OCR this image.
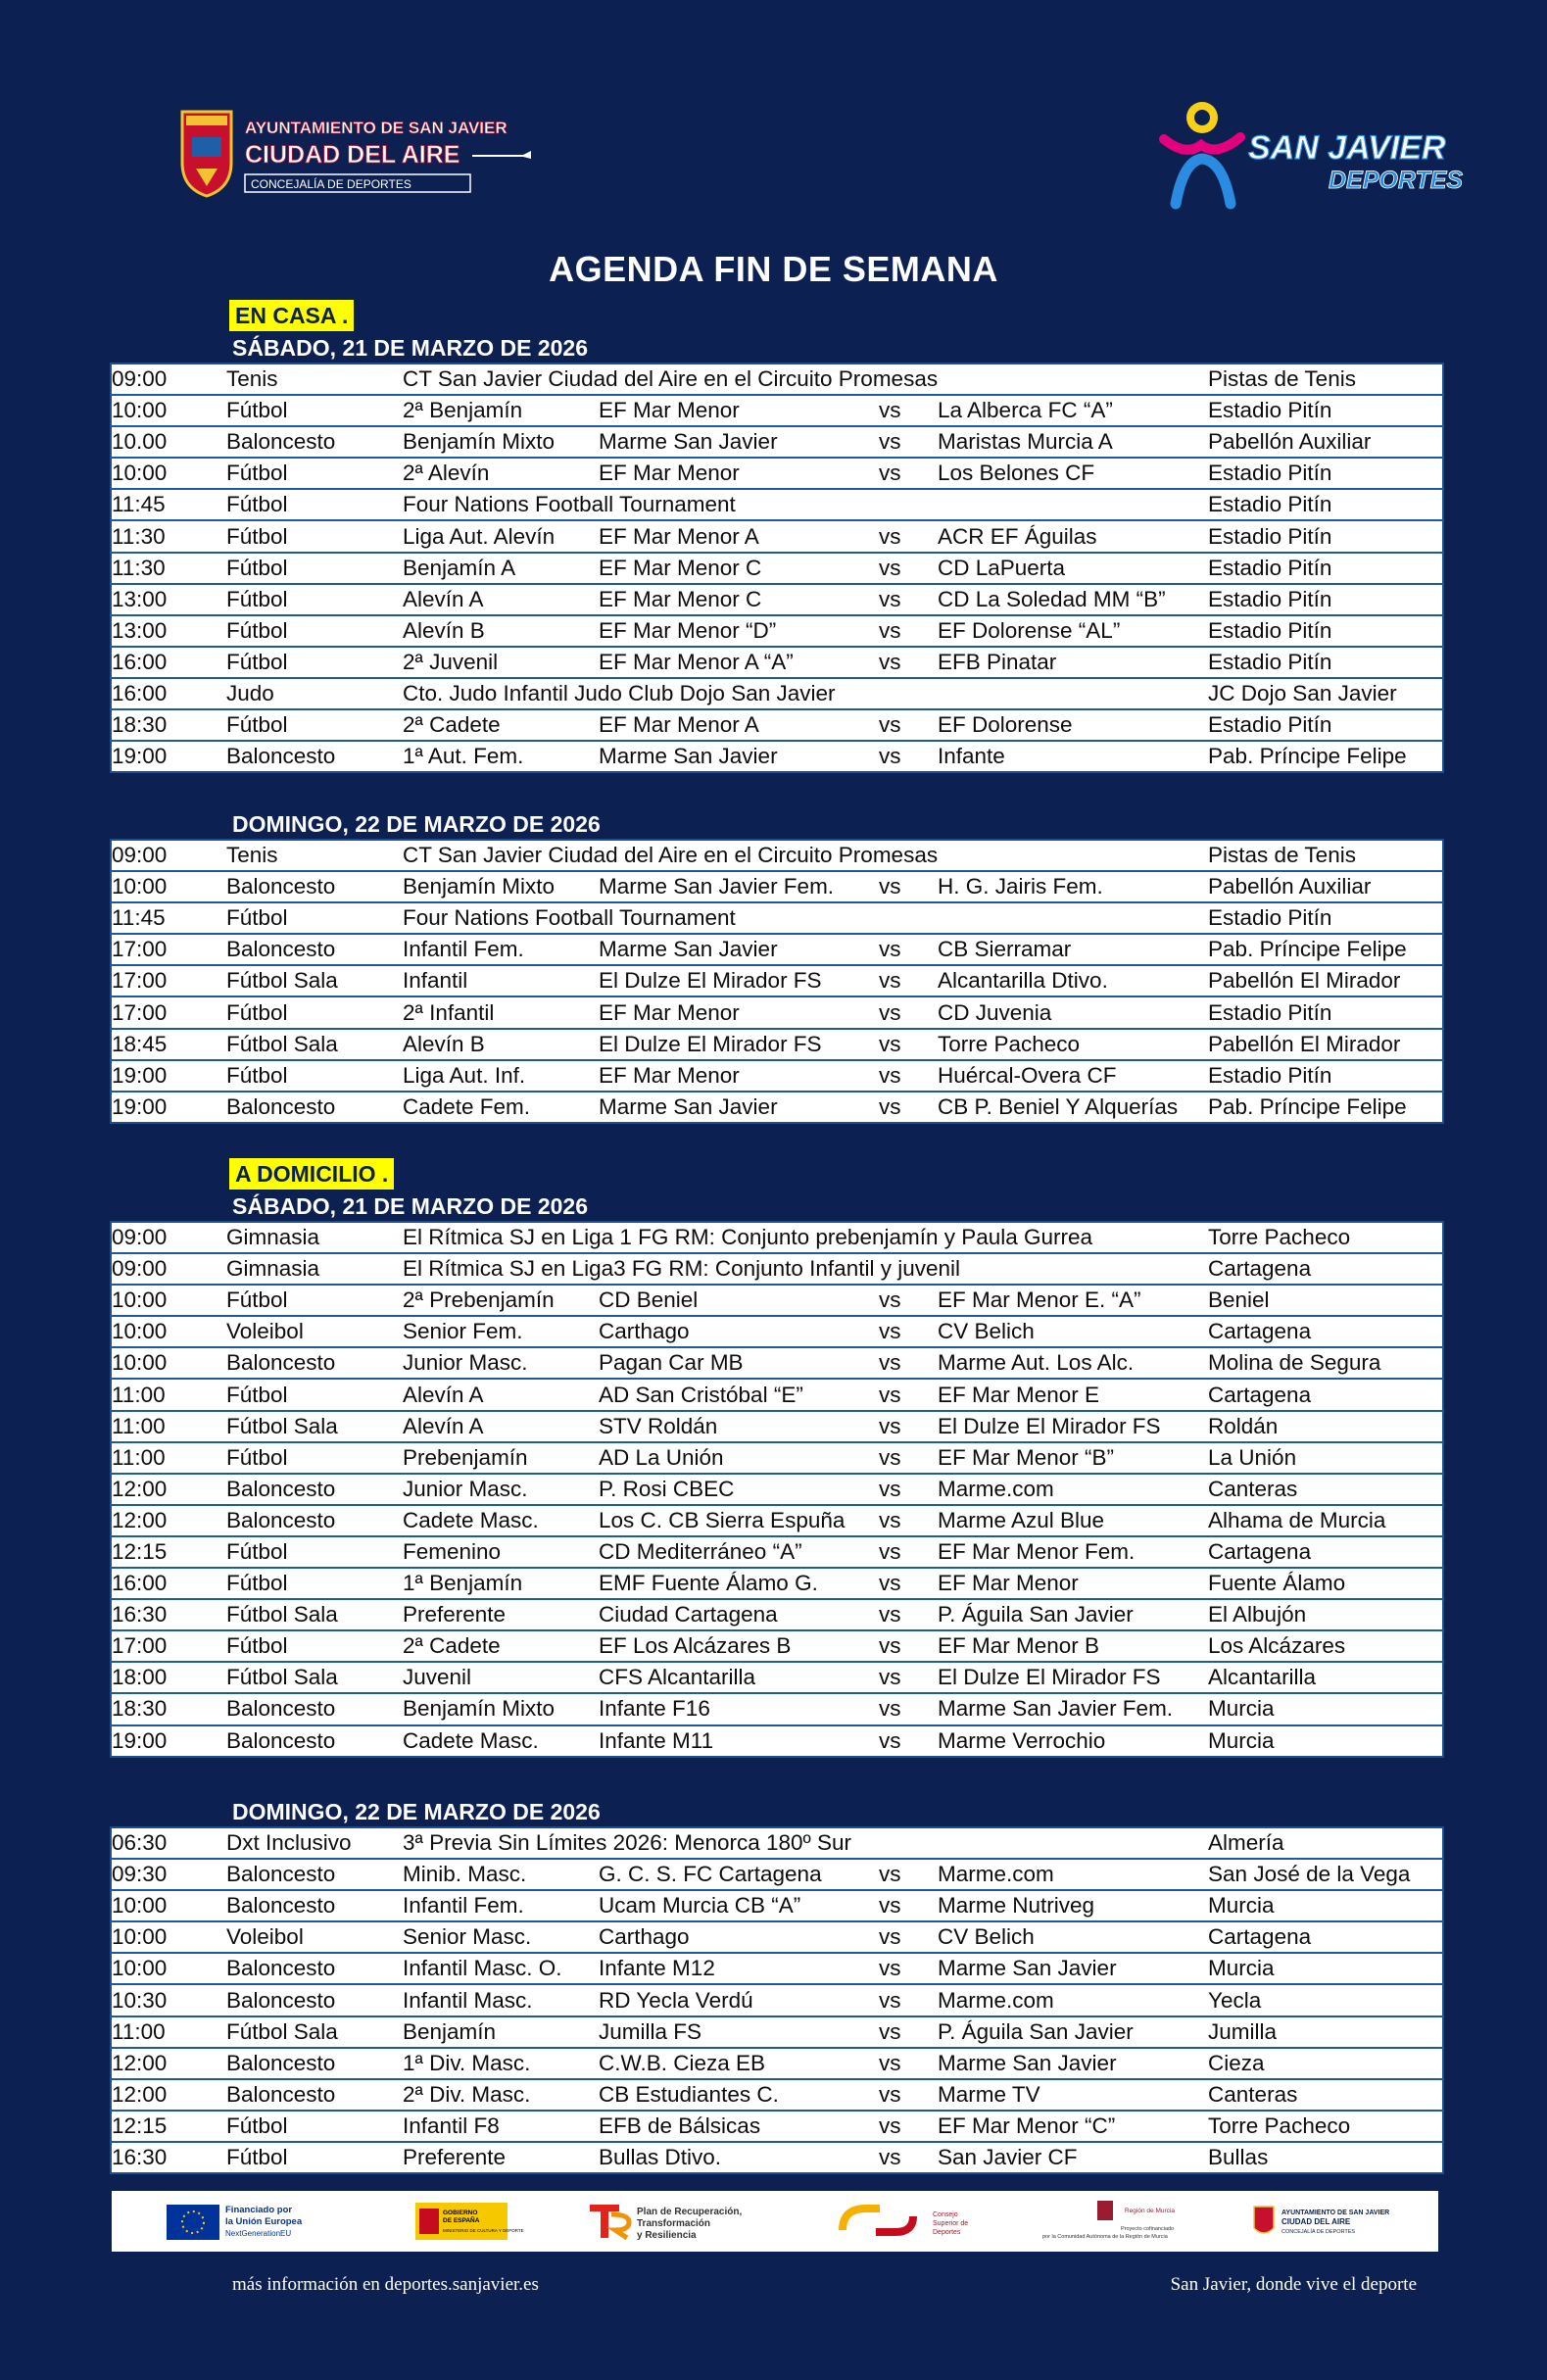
AYUNTAMIENTO DE SAN JAVIER
CIUDAD DEL AIRE
CONCEJALÍA DE DEPORTES
SAN JAVIER
DEPORTES
AGENDA FIN DE SEMANA
EN CASA .
SÁBADO, 21 DE MARZO DE 2026
09:00	Tenis	CT San Javier Ciudad del Aire en el Circuito Promesas				Pistas de Tenis
10:00	Fútbol	2ª Benjamín	EF Mar Menor	vs	La Alberca FC “A”	Estadio Pitín
10.00	Baloncesto	Benjamín Mixto	Marme San Javier	vs	Maristas Murcia A	Pabellón Auxiliar
10:00	Fútbol	2ª Alevín	EF Mar Menor	vs	Los Belones CF	Estadio Pitín
11:45	Fútbol	Four Nations Football Tournament				Estadio Pitín
11:30	Fútbol	Liga Aut. Alevín	EF Mar Menor A	vs	ACR EF Águilas	Estadio Pitín
11:30	Fútbol	Benjamín A	EF Mar Menor C	vs	CD LaPuerta	Estadio Pitín
13:00	Fútbol	Alevín A	EF Mar Menor C	vs	CD La Soledad MM “B”	Estadio Pitín
13:00	Fútbol	Alevín B	EF Mar Menor “D”	vs	EF Dolorense “AL”	Estadio Pitín
16:00	Fútbol	2ª Juvenil	EF Mar Menor A “A”	vs	EFB Pinatar	Estadio Pitín
16:00	Judo	Cto. Judo Infantil Judo Club Dojo San Javier				JC Dojo San Javier
18:30	Fútbol	2ª Cadete	EF Mar Menor A	vs	EF Dolorense	Estadio Pitín
19:00	Baloncesto	1ª Aut. Fem.	Marme San Javier	vs	Infante	Pab. Príncipe Felipe
DOMINGO, 22 DE MARZO DE 2026
09:00	Tenis	CT San Javier Ciudad del Aire en el Circuito Promesas				Pistas de Tenis
10:00	Baloncesto	Benjamín Mixto	Marme San Javier Fem.	vs	H. G. Jairis Fem.	Pabellón Auxiliar
11:45	Fútbol	Four Nations Football Tournament				Estadio Pitín
17:00	Baloncesto	Infantil Fem.	Marme San Javier	vs	CB Sierramar	Pab. Príncipe Felipe
17:00	Fútbol Sala	Infantil	El Dulze El Mirador FS	vs	Alcantarilla Dtivo.	Pabellón El Mirador
17:00	Fútbol	2ª Infantil	EF Mar Menor	vs	CD Juvenia	Estadio Pitín
18:45	Fútbol Sala	Alevín B	El Dulze El Mirador FS	vs	Torre Pacheco	Pabellón El Mirador
19:00	Fútbol	Liga Aut. Inf.	EF Mar Menor	vs	Huércal-Overa CF	Estadio Pitín
19:00	Baloncesto	Cadete Fem.	Marme San Javier	vs	CB P. Beniel Y Alquerías	Pab. Príncipe Felipe
A DOMICILIO .
SÁBADO, 21 DE MARZO DE 2026
09:00	Gimnasia	El Rítmica SJ en Liga 1 FG RM: Conjunto prebenjamín y Paula Gurrea				Torre Pacheco
09:00	Gimnasia	El Rítmica SJ en Liga3 FG RM: Conjunto Infantil y juvenil				Cartagena
10:00	Fútbol	2ª Prebenjamín	CD Beniel	vs	EF Mar Menor E. “A”	Beniel
10:00	Voleibol	Senior Fem.	Carthago	vs	CV Belich	Cartagena
10:00	Baloncesto	Junior Masc.	Pagan Car MB	vs	Marme Aut. Los Alc.	Molina de Segura
11:00	Fútbol	Alevín A	AD San Cristóbal “E”	vs	EF Mar Menor E	Cartagena
11:00	Fútbol Sala	Alevín A	STV Roldán	vs	El Dulze El Mirador FS	Roldán
11:00	Fútbol	Prebenjamín	AD La Unión	vs	EF Mar Menor “B”	La Unión
12:00	Baloncesto	Junior Masc.	P. Rosi CBEC	vs	Marme.com	Canteras
12:00	Baloncesto	Cadete Masc.	Los C. CB Sierra Espuña	vs	Marme Azul Blue	Alhama de Murcia
12:15	Fútbol	Femenino	CD Mediterráneo “A”	vs	EF Mar Menor Fem.	Cartagena
16:00	Fútbol	1ª Benjamín	EMF Fuente Álamo G.	vs	EF Mar Menor	Fuente Álamo
16:30	Fútbol Sala	Preferente	Ciudad Cartagena	vs	P. Águila San Javier	El Albujón
17:00	Fútbol	2ª Cadete	EF Los Alcázares B	vs	EF Mar Menor B	Los Alcázares
18:00	Fútbol Sala	Juvenil	CFS Alcantarilla	vs	El Dulze El Mirador FS	Alcantarilla
18:30	Baloncesto	Benjamín Mixto	Infante F16	vs	Marme San Javier Fem.	Murcia
19:00	Baloncesto	Cadete Masc.	Infante M11	vs	Marme Verrochio	Murcia
DOMINGO, 22 DE MARZO DE 2026
06:30	Dxt Inclusivo	3ª Previa Sin Límites 2026: Menorca 180º Sur				Almería
09:30	Baloncesto	Minib. Masc.	G. C. S. FC Cartagena	vs	Marme.com	San José de la Vega
10:00	Baloncesto	Infantil Fem.	Ucam Murcia CB “A”	vs	Marme Nutriveg	Murcia
10:00	Voleibol	Senior Masc.	Carthago	vs	CV Belich	Cartagena
10:00	Baloncesto	Infantil Masc. O.	Infante M12	vs	Marme San Javier	Murcia
10:30	Baloncesto	Infantil Masc.	RD Yecla Verdú	vs	Marme.com	Yecla
11:00	Fútbol Sala	Benjamín	Jumilla FS	vs	P. Águila San Javier	Jumilla
12:00	Baloncesto	1ª Div. Masc.	C.W.B. Cieza EB	vs	Marme San Javier	Cieza
12:00	Baloncesto	2ª Div. Masc.	CB Estudiantes C.	vs	Marme TV	Canteras
12:15	Fútbol	Infantil F8	EFB de Bálsicas	vs	EF Mar Menor “C”	Torre Pacheco
16:30	Fútbol	Preferente	Bullas Dtivo.	vs	San Javier CF	Bullas
Financiado por
la Unión Europea
NextGenerationEU
GOBIERNO
DE ESPAÑA
MINISTERIO DE CULTURA Y DEPORTE
Plan de Recuperación,
Transformación
y Resiliencia
Consejo
Superior de
Deportes
Región de Murcia
Proyecto cofinanciado
por la Comunidad Autónoma de la Región de Murcia
AYUNTAMIENTO DE SAN JAVIER
CIUDAD DEL AIRE
CONCEJALÍA DE DEPORTES
más información en deportes.sanjavier.es	San Javier, donde vive el deporte
